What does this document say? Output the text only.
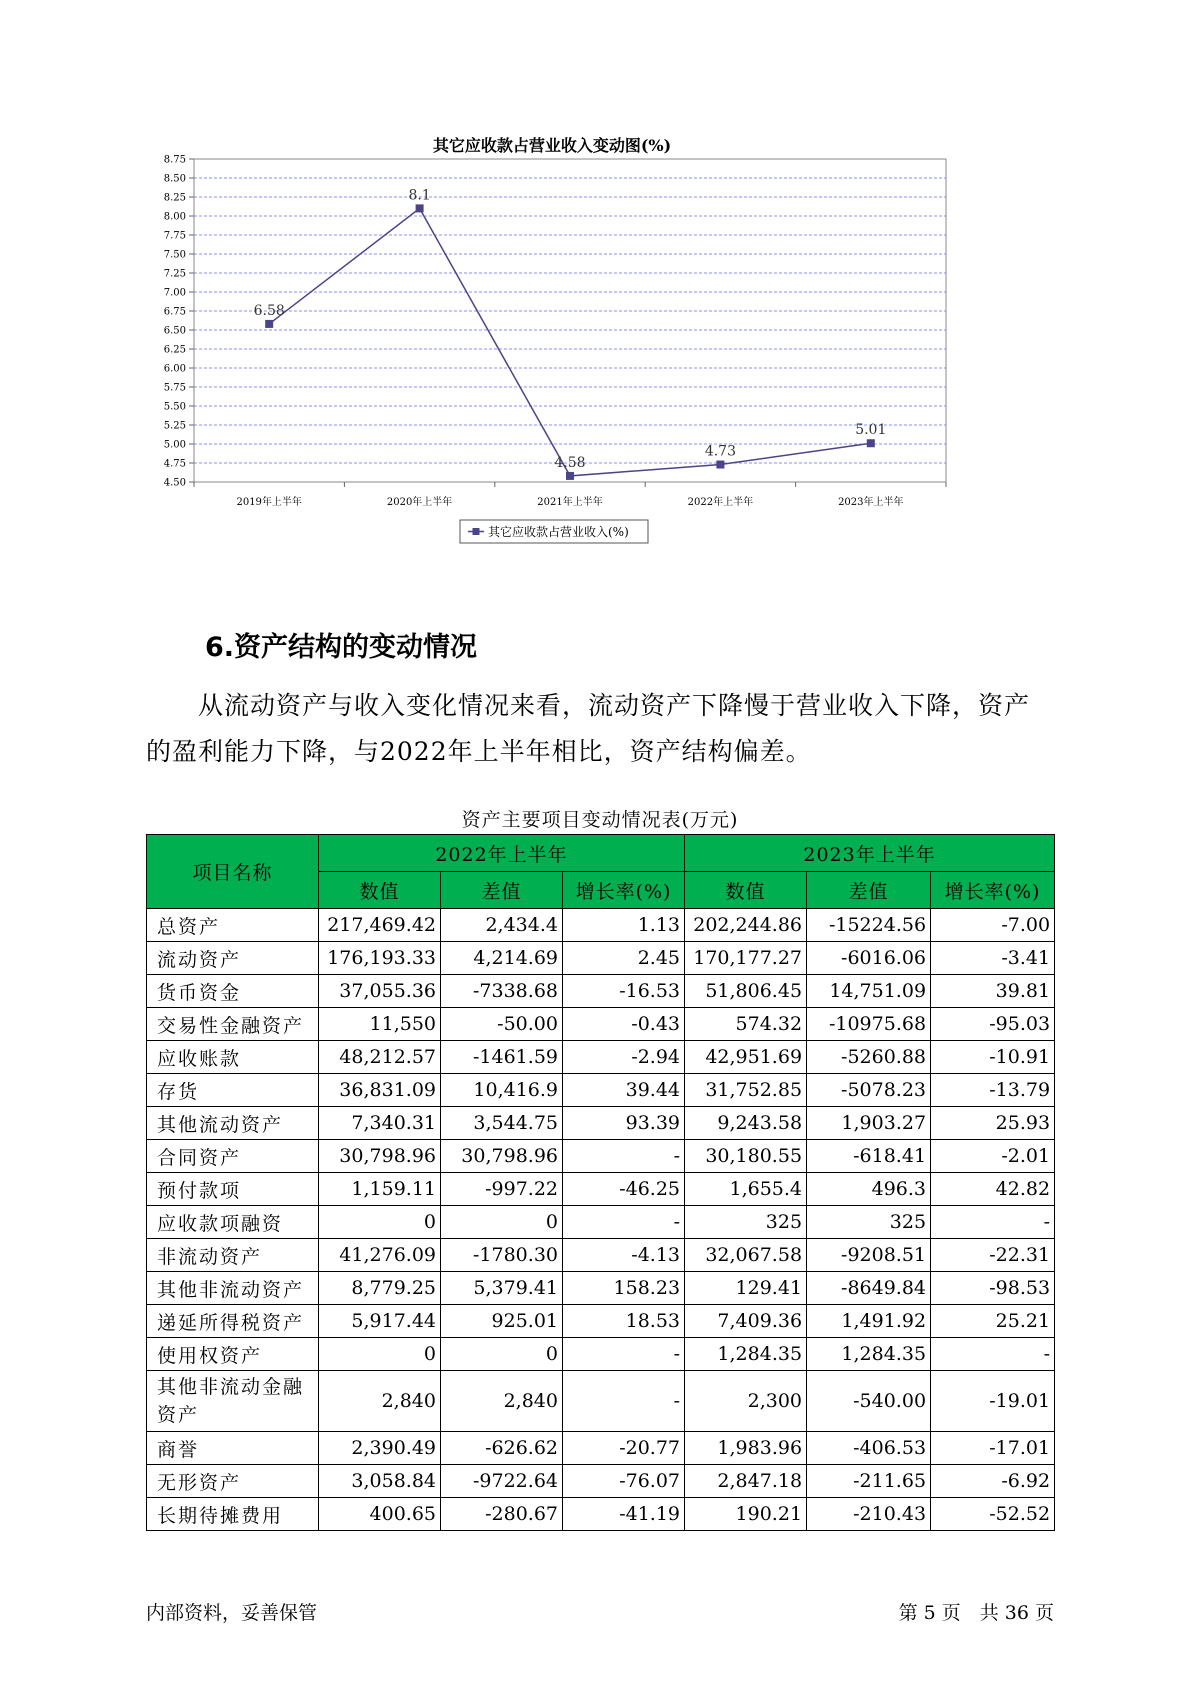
其它应收款占营业收入变动图(%)
4.50
4.75
5.00
5.25
5.50
5.75
6.00
6.25
6.50
6.75
7.00
7.25
7.50
7.75
8.00
8.25
8.50
8.75
2019年上半年	2020年上半年	2021年上半年	2022年上半年	2023年上半年
6.58
8.1
4.58
4.73
5.01
其它应收款占营业收入(%)
6.资产结构的变动情况

从流动资产与收入变化情况来看，流动资产下降慢于营业收入下降，资产的盈利能力下降，与2022年上半年相比，资产结构偏差。

资产主要项目变动情况表(万元)
项目名称	2022年上半年			2023年上半年		
	数值	差值	增长率(%)	数值	差值	增长率(%)
总资产	217,469.42	2,434.4	1.13	202,244.86	-15224.56	-7.00
流动资产	176,193.33	4,214.69	2.45	170,177.27	-6016.06	-3.41
货币资金	37,055.36	-7338.68	-16.53	51,806.45	14,751.09	39.81
交易性金融资产	11,550	-50.00	-0.43	574.32	-10975.68	-95.03
应收账款	48,212.57	-1461.59	-2.94	42,951.69	-5260.88	-10.91
存货	36,831.09	10,416.9	39.44	31,752.85	-5078.23	-13.79
其他流动资产	7,340.31	3,544.75	93.39	9,243.58	1,903.27	25.93
合同资产	30,798.96	30,798.96	-	30,180.55	-618.41	-2.01
预付款项	1,159.11	-997.22	-46.25	1,655.4	496.3	42.82
应收款项融资	0	0	-	325	325	-
非流动资产	41,276.09	-1780.30	-4.13	32,067.58	-9208.51	-22.31
其他非流动资产	8,779.25	5,379.41	158.23	129.41	-8649.84	-98.53
递延所得税资产	5,917.44	925.01	18.53	7,409.36	1,491.92	25.21
使用权资产	0	0	-	1,284.35	1,284.35	-
其他非流动金融资产	2,840	2,840	-	2,300	-540.00	-19.01
商誉	2,390.49	-626.62	-20.77	1,983.96	-406.53	-17.01
无形资产	3,058.84	-9722.64	-76.07	2,847.18	-211.65	-6.92
长期待摊费用	400.65	-280.67	-41.19	190.21	-210.43	-52.52
内部资料，妥善保管	第 5 页　共 36 页
